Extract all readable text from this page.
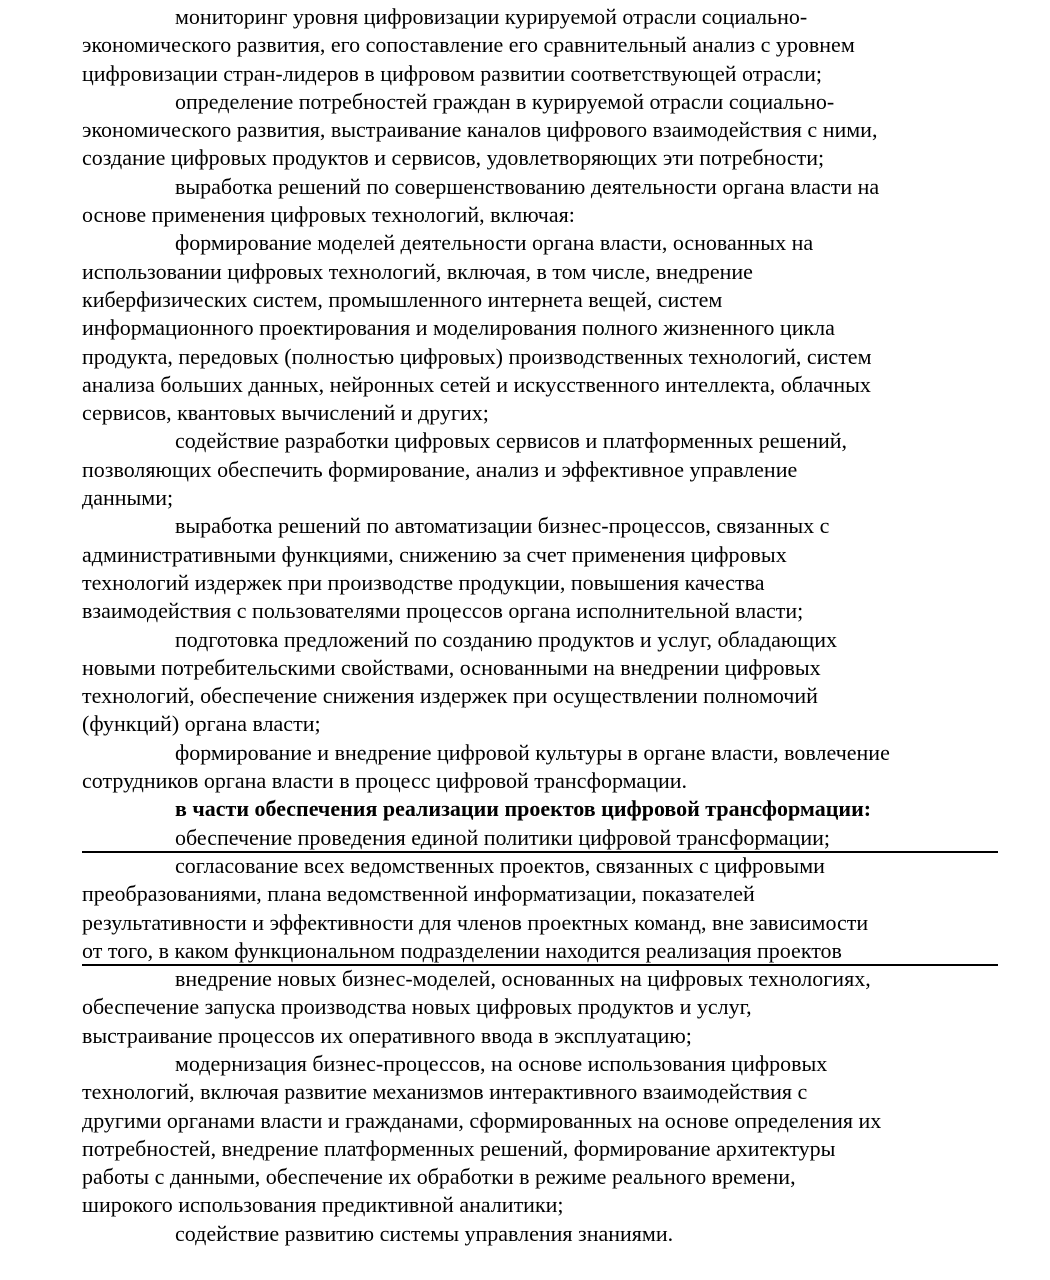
мониторинг уровня цифровизации курируемой отрасли социально-
экономического развития, его сопоставление его сравнительный анализ с уровнем
цифровизации стран-лидеров в цифровом развитии соответствующей отрасли;
определение потребностей граждан в курируемой отрасли социально-
экономического развития, выстраивание каналов цифрового взаимодействия с ними,
создание цифровых продуктов и сервисов, удовлетворяющих эти потребности;
выработка решений по совершенствованию деятельности органа власти на
основе применения цифровых технологий, включая:
формирование моделей деятельности органа власти, основанных на
использовании цифровых технологий, включая, в том числе, внедрение
киберфизических систем, промышленного интернета вещей, систем
информационного проектирования и моделирования полного жизненного цикла
продукта, передовых (полностью цифровых) производственных технологий, систем
анализа больших данных, нейронных сетей и искусственного интеллекта, облачных
сервисов, квантовых вычислений и других;
содействие разработки цифровых сервисов и платформенных решений,
позволяющих обеспечить формирование, анализ и эффективное управление
данными;
выработка решений по автоматизации бизнес-процессов, связанных с
административными функциями, снижению за счет применения цифровых
технологий издержек при производстве продукции, повышения качества
взаимодействия с пользователями процессов органа исполнительной власти;
подготовка предложений по созданию продуктов и услуг, обладающих
новыми потребительскими свойствами, основанными на внедрении цифровых
технологий, обеспечение снижения издержек при осуществлении полномочий
(функций) органа власти;
формирование и внедрение цифровой культуры в органе власти, вовлечение
сотрудников органа власти в процесс цифровой трансформации.
в части обеспечения реализации проектов цифровой трансформации:
обеспечение проведения единой политики цифровой трансформации;
согласование всех ведомственных проектов, связанных с цифровыми
преобразованиями, плана ведомственной информатизации, показателей
результативности и эффективности для членов проектных команд, вне зависимости
от того, в каком функциональном подразделении находится реализация проектов
внедрение новых бизнес-моделей, основанных на цифровых технологиях,
обеспечение запуска производства новых цифровых продуктов и услуг,
выстраивание процессов их оперативного ввода в эксплуатацию;
модернизация бизнес-процессов, на основе использования цифровых
технологий, включая развитие механизмов интерактивного взаимодействия с
другими органами власти и гражданами, сформированных на основе определения их
потребностей, внедрение платформенных решений, формирование архитектуры
работы с данными, обеспечение их обработки в режиме реального времени,
широкого использования предиктивной аналитики;
содействие развитию системы управления знаниями.
